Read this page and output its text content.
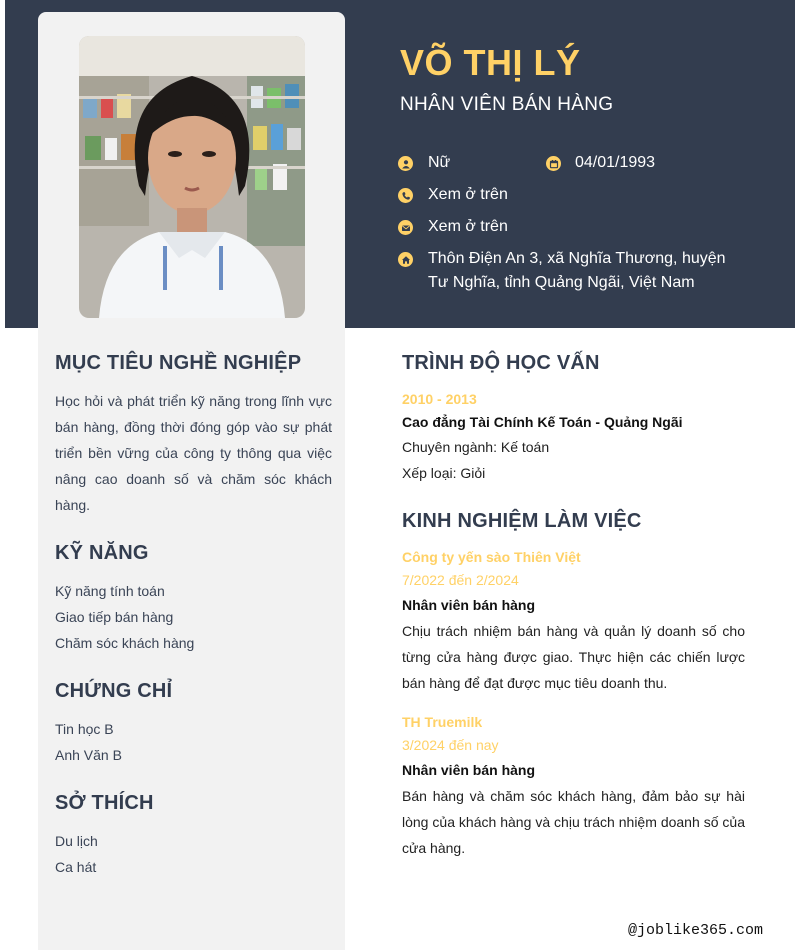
VÕ THỊ LÝ
NHÂN VIÊN BÁN HÀNG
Nữ	04/01/1993
Xem ở trên
Xem ở trên
Thôn Điện An 3, xã Nghĩa Thương, huyện Tư Nghĩa, tỉnh Quảng Ngãi, Việt Nam
MỤC TIÊU NGHỀ NGHIỆP
Học hỏi và phát triển kỹ năng trong lĩnh vực bán hàng, đồng thời đóng góp vào sự phát triển bền vững của công ty thông qua việc nâng cao doanh số và chăm sóc khách hàng.
KỸ NĂNG
Kỹ năng tính toán
Giao tiếp bán hàng
Chăm sóc khách hàng
CHỨNG CHỈ
Tin học B
Anh Văn B
SỞ THÍCH
Du lịch
Ca hát
TRÌNH ĐỘ HỌC VẤN
2010 - 2013
Cao đẳng Tài Chính Kế Toán - Quảng Ngãi
Chuyên ngành: Kế toán
Xếp loại: Giỏi
KINH NGHIỆM LÀM VIỆC
Công ty yến sào Thiên Việt
7/2022 đến 2/2024
Nhân viên bán hàng
Chịu trách nhiệm bán hàng và quản lý doanh số cho từng cửa hàng được giao. Thực hiện các chiến lược bán hàng để đạt được mục tiêu doanh thu.
TH Truemilk
3/2024 đến nay
Nhân viên bán hàng
Bán hàng và chăm sóc khách hàng, đảm bảo sự hài lòng của khách hàng và chịu trách nhiệm doanh số của cửa hàng.
@joblike365.com
